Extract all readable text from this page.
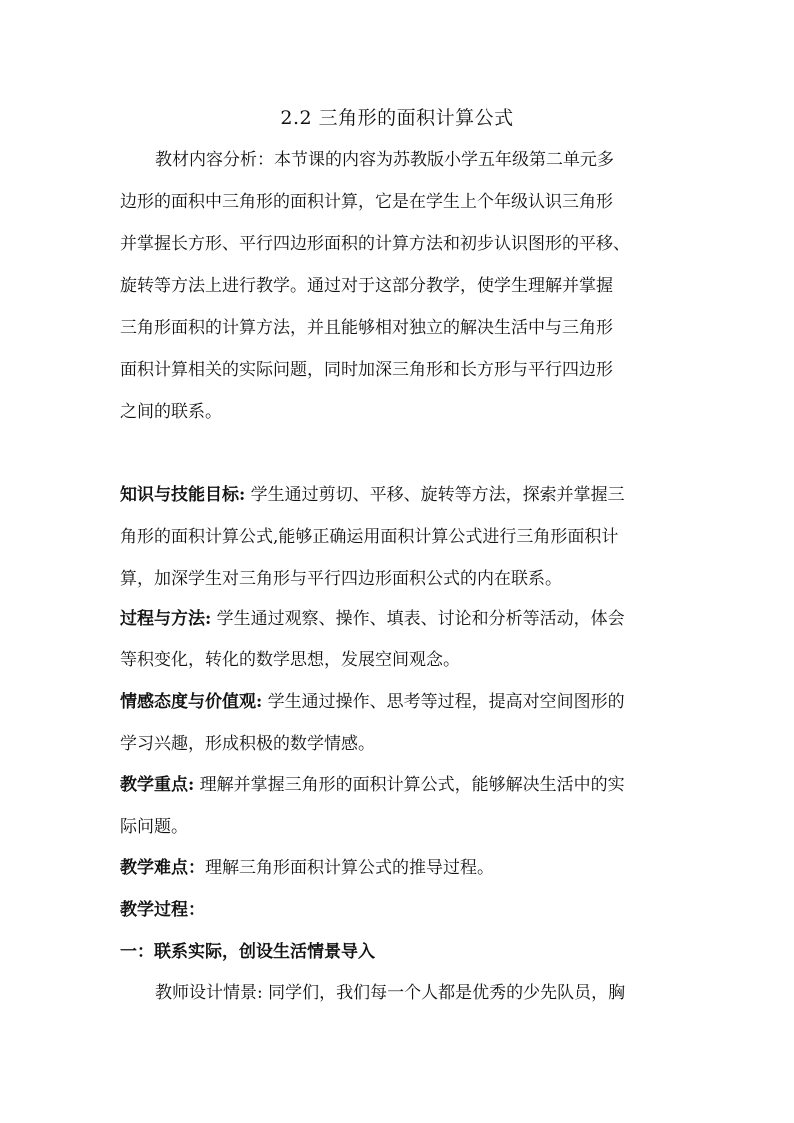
2.2 三角形的面积计算公式
教材内容分析：本节课的内容为苏教版小学五年级第二单元多
边形的面积中三角形的面积计算，它是在学生上个年级认识三角形
并掌握长方形、平行四边形面积的计算方法和初步认识图形的平移、
旋转等方法上进行教学。通过对于这部分教学，使学生理解并掌握
三角形面积的计算方法，并且能够相对独立的解决生活中与三角形
面积计算相关的实际问题，同时加深三角形和长方形与平行四边形
之间的联系。
知识与技能目标: 学生通过剪切、平移、旋转等方法，探索并掌握三
角形的面积计算公式,能够正确运用面积计算公式进行三角形面积计
算，加深学生对三角形与平行四边形面积公式的内在联系。
过程与方法: 学生通过观察、操作、填表、讨论和分析等活动，体会
等积变化，转化的数学思想，发展空间观念。
情感态度与价值观: 学生通过操作、思考等过程，提高对空间图形的
学习兴趣，形成积极的数学情感。
教学重点: 理解并掌握三角形的面积计算公式，能够解决生活中的实
际问题。
教学难点：理解三角形面积计算公式的推导过程。
教学过程：
一：联系实际，创设生活情景导入
教师设计情景: 同学们，我们每一个人都是优秀的少先队员，胸
